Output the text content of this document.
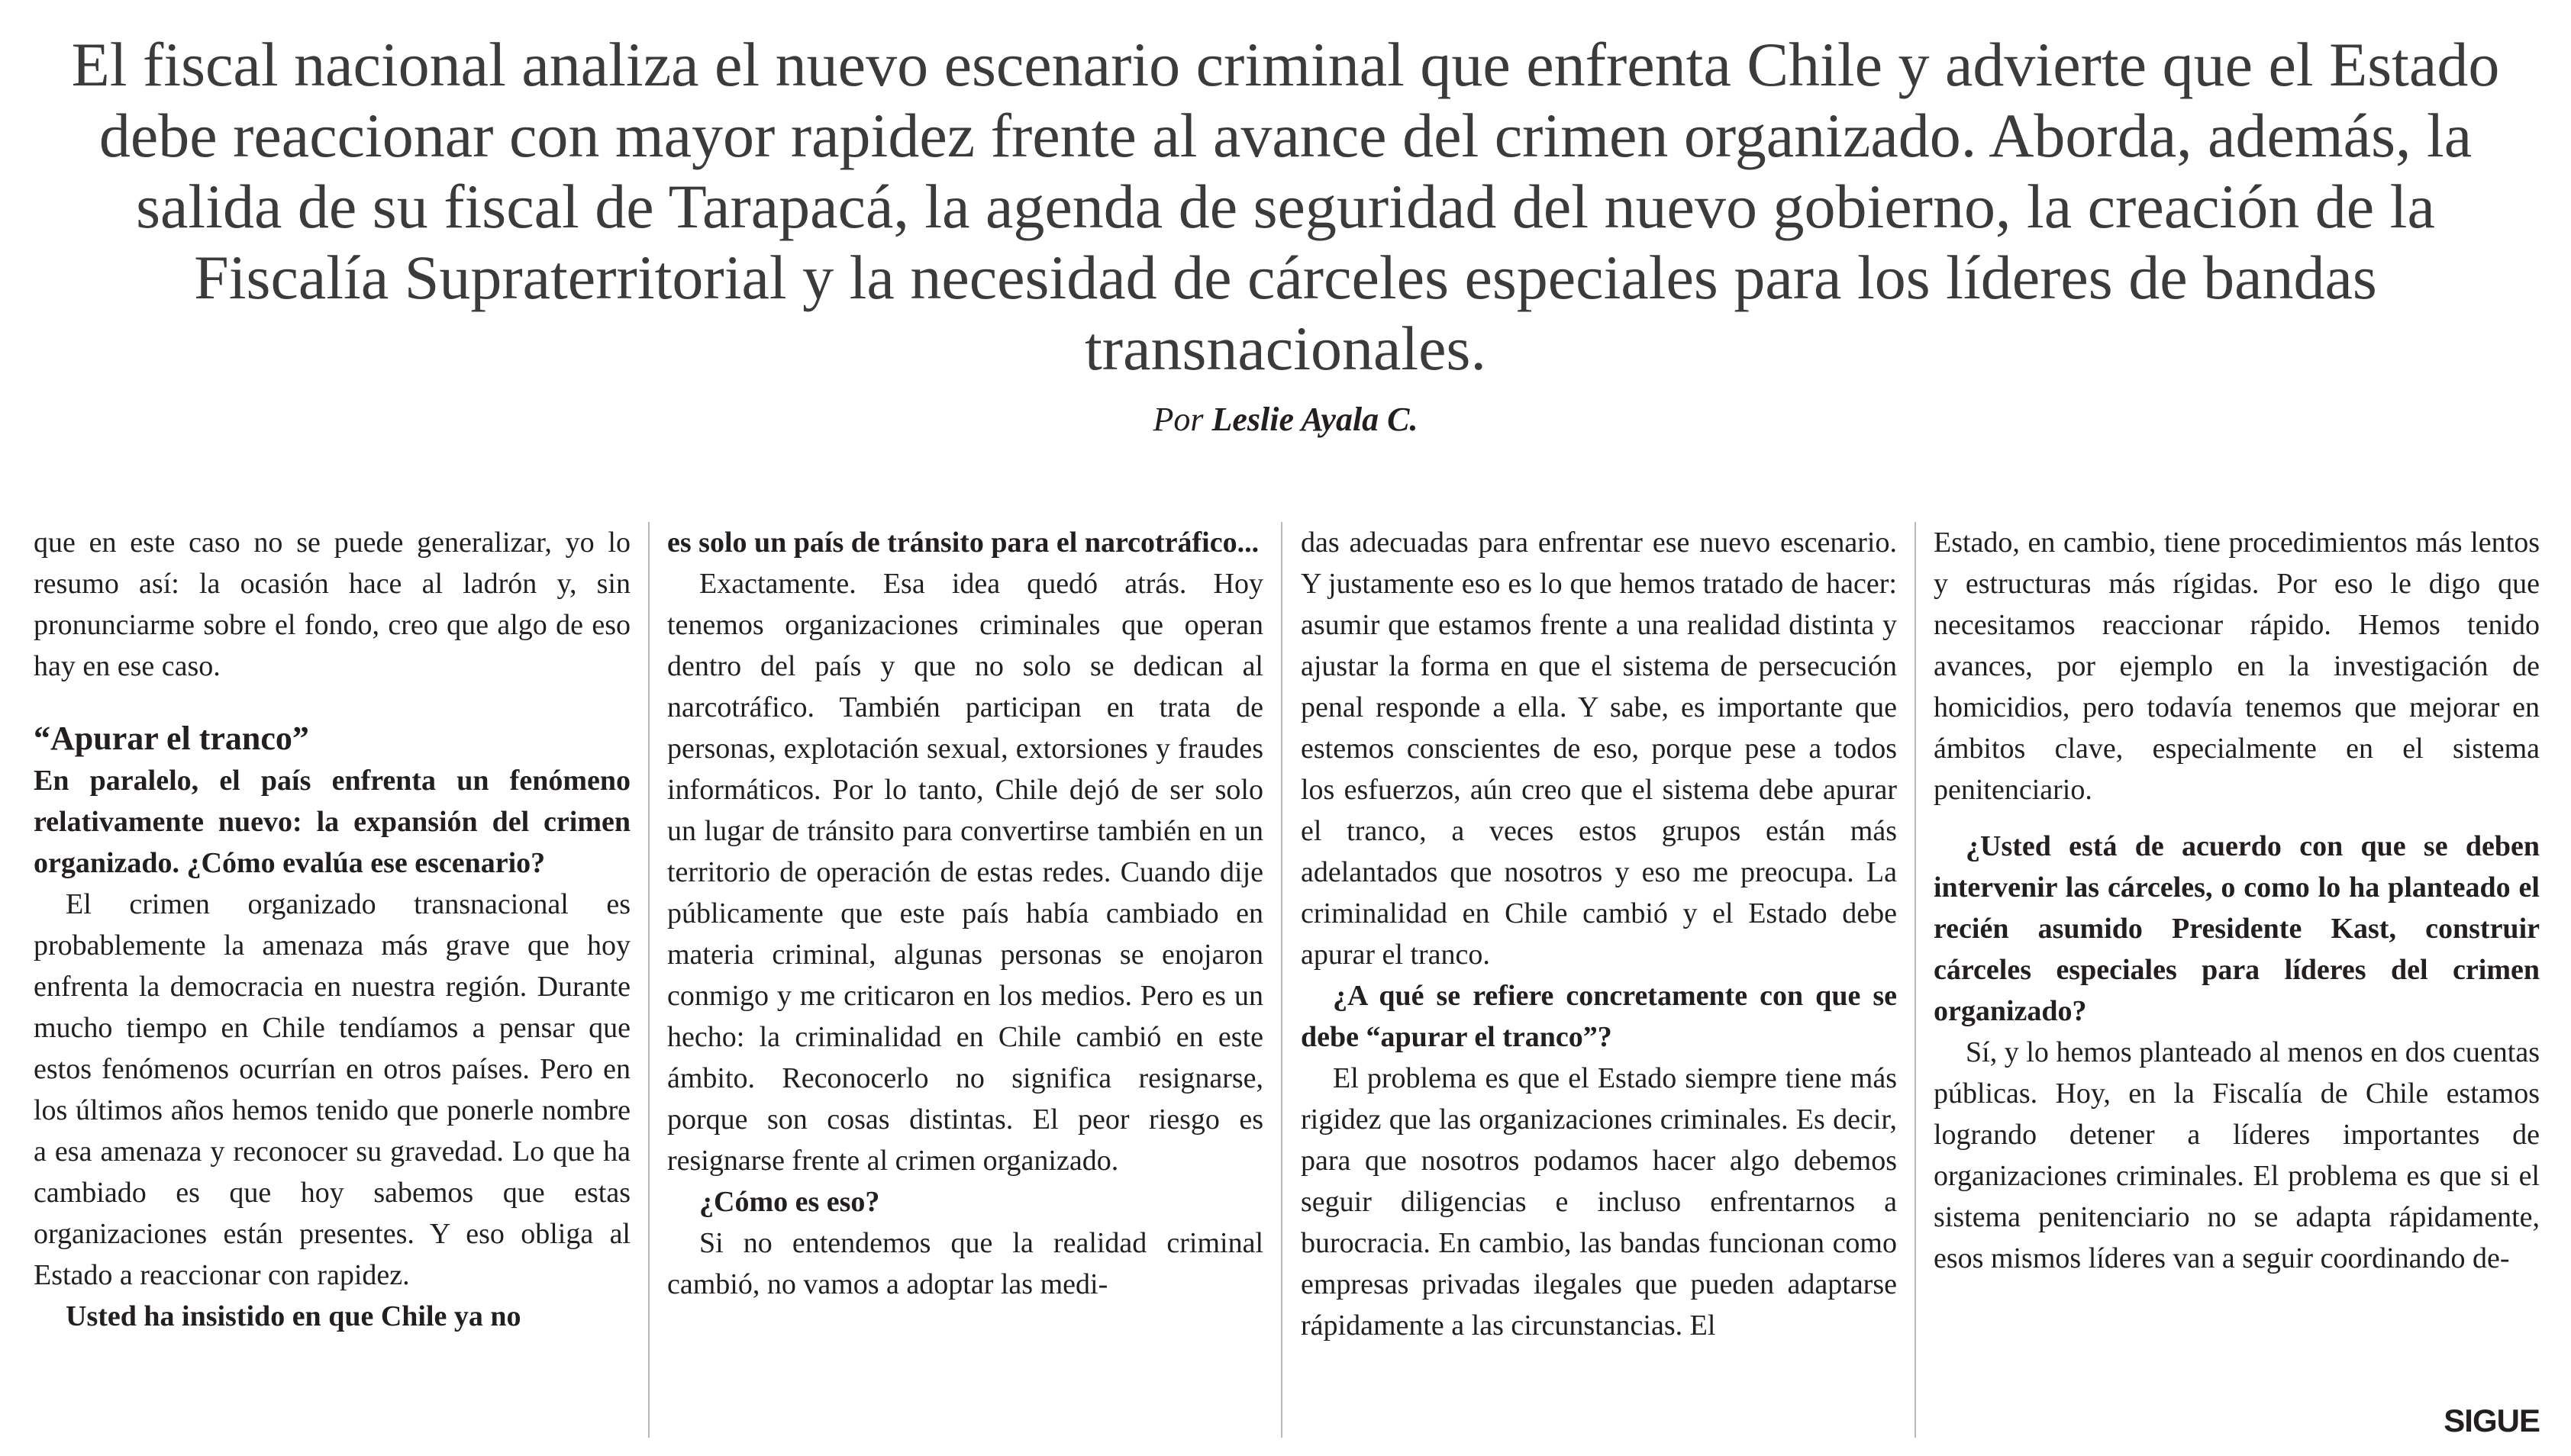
El fiscal nacional analiza el nuevo escenario criminal que enfrenta Chile y advierte que el Estado debe reaccionar con mayor rapidez frente al avance del crimen organizado. Aborda, además, la salida de su fiscal de Tarapacá, la agenda de seguridad del nuevo gobierno, la creación de la Fiscalía Supraterritorial y la necesidad de cárceles especiales para los líderes de bandas transnacionales.
Por Leslie Ayala C.

que en este caso no se puede generalizar, yo lo resumo así: la ocasión hace al ladrón y, sin pronunciarme sobre el fondo, creo que algo de eso hay en ese caso.

“Apurar el tranco”

En paralelo, el país enfrenta un fenómeno relativamente nuevo: la expansión del crimen organizado. ¿Cómo evalúa ese escenario?

El crimen organizado transnacional es probablemente la amenaza más grave que hoy enfrenta la democracia en nuestra región. Durante mucho tiempo en Chile tendíamos a pensar que estos fenómenos ocurrían en otros países. Pero en los últimos años hemos tenido que ponerle nombre a esa amenaza y reconocer su gravedad. Lo que ha cambiado es que hoy sabemos que estas organizaciones están presentes. Y eso obliga al Estado a reaccionar con rapidez.

Usted ha insistido en que Chile ya no

es solo un país de tránsito para el narcotráfico...

Exactamente. Esa idea quedó atrás. Hoy tenemos organizaciones criminales que operan dentro del país y que no solo se dedican al narcotráfico. También participan en trata de personas, explotación sexual, extorsiones y fraudes informáticos. Por lo tanto, Chile dejó de ser solo un lugar de tránsito para convertirse también en un territorio de operación de estas redes. Cuando dije públicamente que este país había cambiado en materia criminal, algunas personas se enojaron conmigo y me criticaron en los medios. Pero es un hecho: la criminalidad en Chile cambió en este ámbito. Reconocerlo no significa resignarse, porque son cosas distintas. El peor riesgo es resignarse frente al crimen organizado.

¿Cómo es eso?

Si no entendemos que la realidad criminal cambió, no vamos a adoptar las medi-

das adecuadas para enfrentar ese nuevo escenario. Y justamente eso es lo que hemos tratado de hacer: asumir que estamos frente a una realidad distinta y ajustar la forma en que el sistema de persecución penal responde a ella. Y sabe, es importante que estemos conscientes de eso, porque pese a todos los esfuerzos, aún creo que el sistema debe apurar el tranco, a veces estos grupos están más adelantados que nosotros y eso me preocupa. La criminalidad en Chile cambió y el Estado debe apurar el tranco.

¿A qué se refiere concretamente con que se debe “apurar el tranco”?

El problema es que el Estado siempre tiene más rigidez que las organizaciones criminales. Es decir, para que nosotros podamos hacer algo debemos seguir diligencias e incluso enfrentarnos a burocracia. En cambio, las bandas funcionan como empresas privadas ilegales que pueden adaptarse rápidamente a las circunstancias. El

Estado, en cambio, tiene procedimientos más lentos y estructuras más rígidas. Por eso le digo que necesitamos reaccionar rápido. Hemos tenido avances, por ejemplo en la investigación de homicidios, pero todavía tenemos que mejorar en ámbitos clave, especialmente en el sistema penitenciario.

¿Usted está de acuerdo con que se deben intervenir las cárceles, o como lo ha planteado el recién asumido Presidente Kast, construir cárceles especiales para líderes del crimen organizado?

Sí, y lo hemos planteado al menos en dos cuentas públicas. Hoy, en la Fiscalía de Chile estamos logrando detener a líderes importantes de organizaciones criminales. El problema es que si el sistema penitenciario no se adapta rápidamente, esos mismos líderes van a seguir coordinando de-

SIGUE
